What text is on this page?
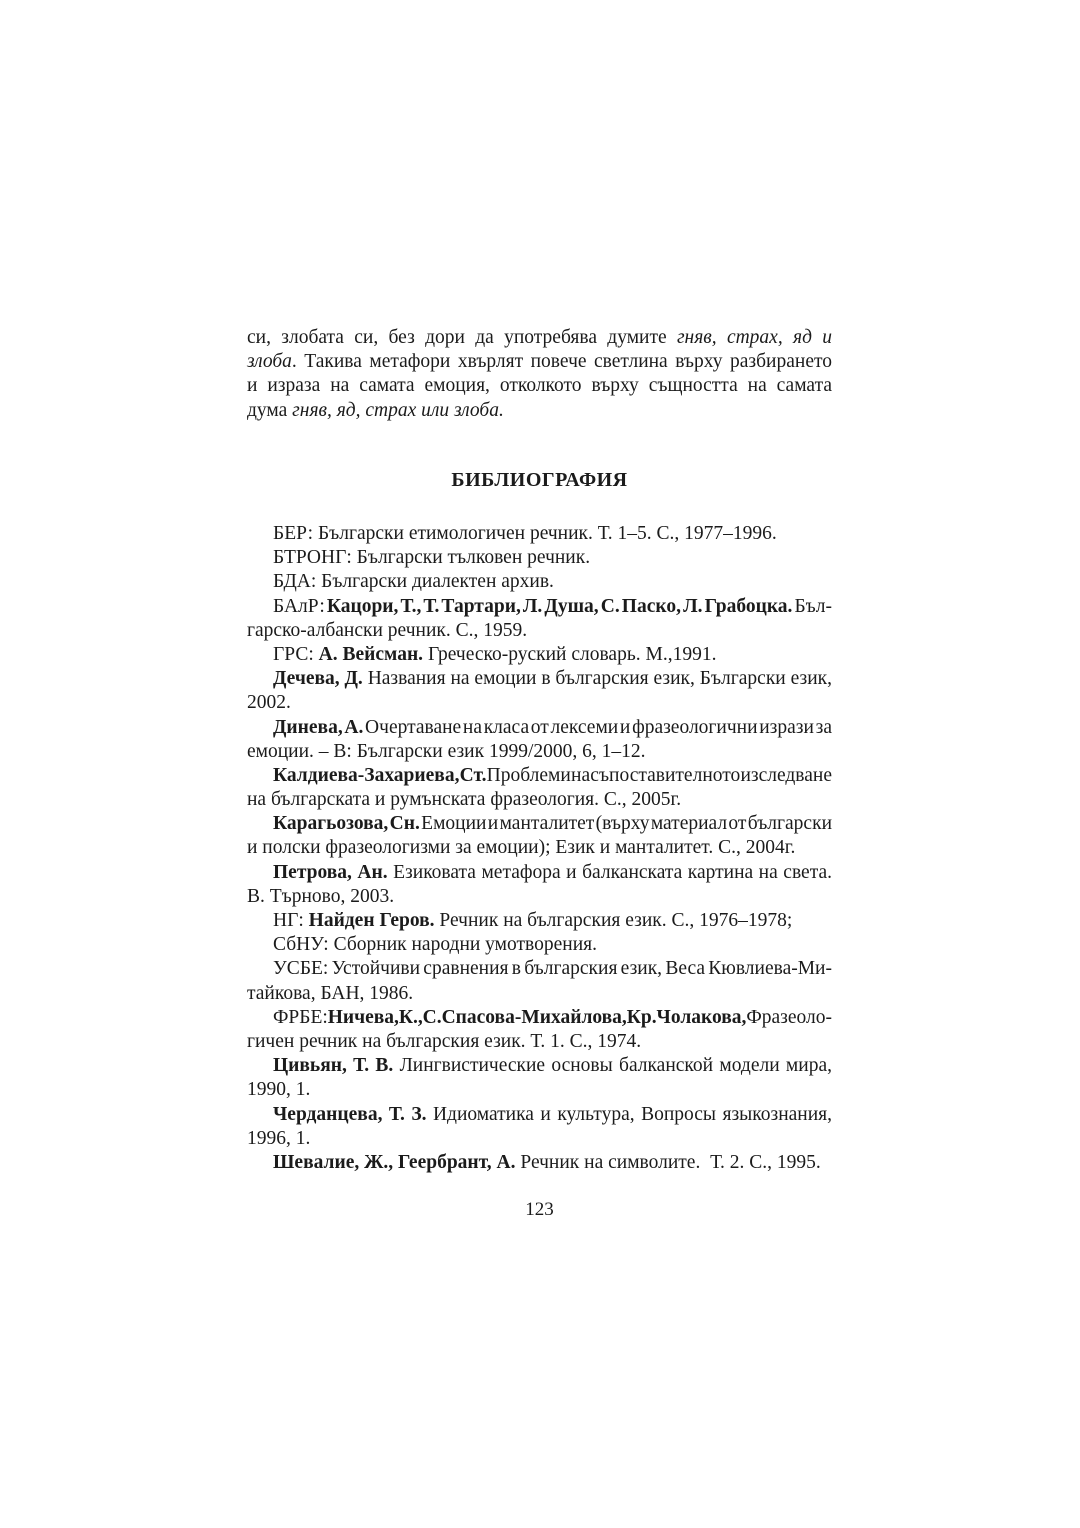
си, злобата си, без дори да употребява думите гняв, страх, яд и
злоба. Такива метафори хвърлят повече светлина върху разбирането
и израза на самата емоция, отколкото върху същността на самата
дума гняв, яд, страх или злоба.
БИБЛИОГРАФИЯ
БЕР: Български етимологичен речник. Т. 1–5. С., 1977–1996.
БТРОНГ: Български тълковен речник.
БДА: Български диалектен архив.
БАлР: Кацори, Т., Т. Тартари, Л. Душа, С. Паско, Л. Грабоцка. Бъл-
гарско-албански речник. С., 1959.
ГРС: А. Вейсман. Греческо-руский словарь. М.,1991.
Дечева, Д. Названия на емоции в българския език, Български език,
2002.
Динева, А. Очертаване на класа от лексеми и фразеологични изрази за
емоции. – В: Български език 1999/2000, 6, 1–12.
Калдиева-Захариева, Ст. Проблеми на съпоставителното изследване
на българската и румънската фразеология. С., 2005г.
Карагьозова, Сн. Емоции и манталитет (върху материал от български
и полски фразеологизми за емоции); Език и манталитет. С., 2004г.
Петрова, Ан. Езиковата метафора и балканската картина на света.
В. Търново, 2003.
НГ: Найден Геров. Речник на българския език. С., 1976–1978;
СбНУ: Сборник народни умотворения.
УСБЕ: Устойчиви сравнения в българския език, Веса Кювлиева-Ми-
тайкова, БАН, 1986.
ФРБЕ: Ничева, К., С. Спасова-Михайлова, Кр. Чолакова, Фразеоло-
гичен речник на българския език. Т. 1. С., 1974.
Цивьян, Т. В. Лингвистические основы балканской модели мира,
1990, 1.
Черданцева, Т. З. Идиоматика и культура, Вопросы языкознания,
1996, 1.
Шевалие, Ж., Геербрант, А. Речник на символите.  Т. 2. С., 1995.
123
